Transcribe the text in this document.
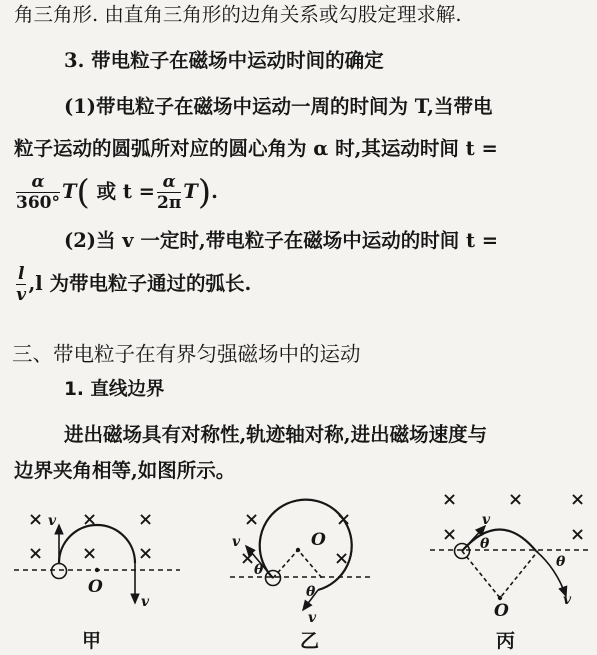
角三角形. 由直角三角形的边角关系或勾股定理求解.
3. 带电粒子在磁场中运动时间的确定
(1)带电粒子在磁场中运动一周的时间为 T,当带电
粒子运动的圆弧所对应的圆心角为 α 时,其运动时间 t =
$\frac{\alpha}{360^\circ} T$( 或 $t = \frac{\alpha}{2\pi} T$).
(2)当 v 一定时,带电粒子在磁场中运动的时间 t =
$\frac{l}{v} ,l$ 为带电粒子通过的弧长.
三、带电粒子在有界匀强磁场中的运动
1. 直线边界
进出磁场具有对称性,轨迹轴对称,进出磁场速度与
边界夹角相等,如图所示。
× × ×
× × ×
v
v
O
×	×
×	×
v
v
O
θ
θ
×	×	×
×	×
v
v
O
θ
θ
甲	乙	丙
